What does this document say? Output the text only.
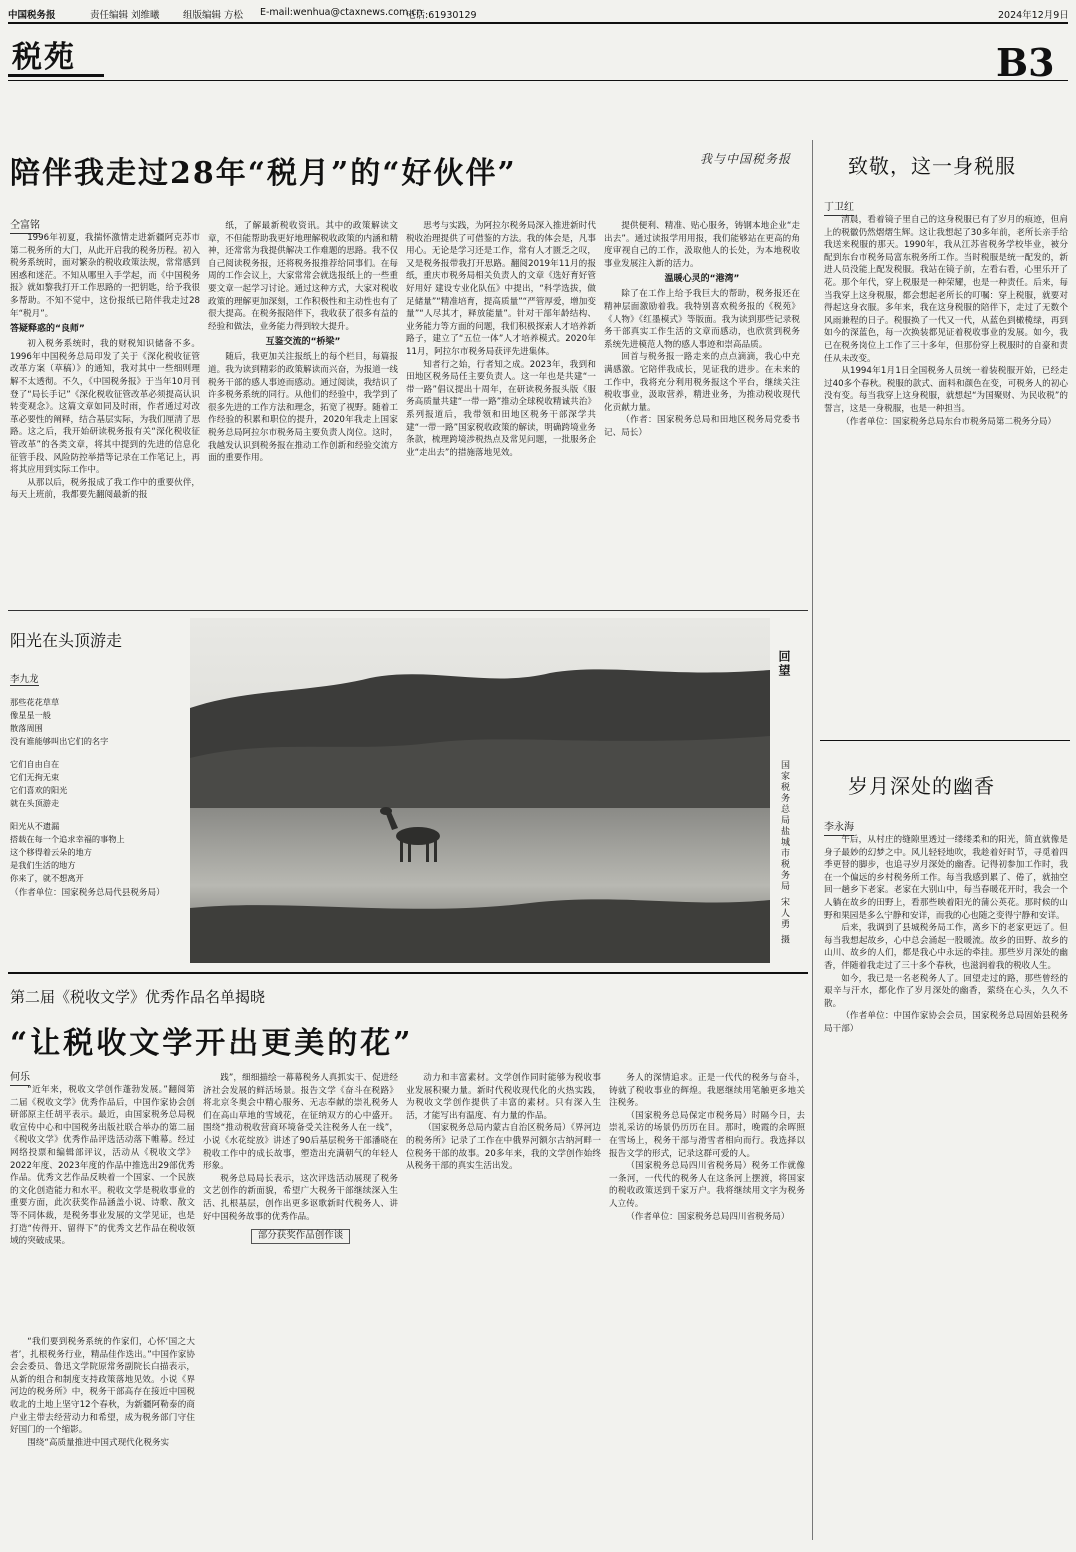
中国税务报	责任编辑 刘维曦 组版编辑 方松 E-mail:wenhua@ctaxnews.com.cn
电话:61930129	2024年12月9日
税苑	B3
陪伴我走过28年“税月”的“好伙伴”	我与中国税务报
仝富铭

1996年初夏，我揣怀激情走进新疆阿克苏市第二税务所的大门，从此开启我的税务历程。初入税务系统时，面对繁杂的税收政策法规，常常感到困惑和迷茫。不知从哪里入手学起，而《中国税务报》就如黎我打开工作思路的一把钥匙，给予我很多帮助。不知不觉中，这份报纸已陪伴我走过28年“税月”。

答疑释惑的“良师”

初入税务系统时，我的财税知识储备不多。1996年中国税务总局印发了关于《深化税收征管改革方案（草稿）》的通知，我对其中一些细则理解不太透彻。不久，《中国税务报》于当年10月刊登了“局长手记”《深化税收征管改革必须提高认识转变观念》。这篇文章如同及时雨，作者通过对改革必要性的阐释，结合基层实际，为我们厘清了思路。这之后，我开始研读税务报有关“深化税收征管改革”的各类文章，将其中提到的先进的信息化征管手段、风险防控举措等记录在工作笔记上，再将其应用到实际工作中。

从那以后，税务报成了我工作中的重要伙伴，每天上班前，我都要先翻阅最新的报

纸，了解最新税收资讯。其中的政策解读文章，不但能帮助我更好地理解税收政策的内涵和精神，还常常为我提供解决工作难题的思路。我不仅自己阅读税务报，还将税务报推荐给同事们。在每周的工作会议上，大家常常会就选报纸上的一些重要文章一起学习讨论。通过这种方式，大家对税收政策的理解更加深刻，工作积极性和主动性也有了很大提高。在税务报陪伴下，我收获了很多有益的经验和做法，业务能力得到较大提升。

互鉴交流的“桥梁”

随后，我更加关注报纸上的每个栏目，每篇报道。我为读到精彩的政策解读而兴奋，为报道一线税务干部的感人事迹而感动。通过阅读，我结识了许多税务系统的同行。从他们的经验中，我学到了很多先进的工作方法和理念，拓宽了视野。随着工作经验的积累和职位的提升，2020年我走上国家税务总局阿拉尔市税务局主要负责人岗位。这时，我越发认识到税务报在推动工作创新和经验交流方面的重要作用。

思考与实践，为阿拉尔税务局深入推进新时代税收治理提供了可借鉴的方法。我的体会是，凡事用心。无论是学习还是工作，常有人才匮乏之叹，又是税务报带我打开思路。翻阅2019年11月的报纸，重庆市税务局相关负责人的文章《选好育好管好用好 建设专业化队伍》中提出，“科学选拔，做足储量”“精准培育，提高质量”“严管厚爱，增加变量”“人尽其才，释放能量”。针对干部年龄结构、业务能力等方面的问题，我们积极探索人才培养新路子，建立了“五位一体”人才培养模式。2020年11月，阿拉尔市税务局获评先进集体。

知者行之始，行者知之成。2023年，我到和田地区税务局任主要负责人。这一年也是共建“一带一路”倡议提出十周年，在研读税务报头版《服务高质量共建“一带一路”推动全球税收精诚共治》系列报道后，我带领和田地区税务干部深学共建“一带一路”国家税收政策的解读，明确跨境业务条款，梳理跨境涉税热点及常见问题，一批服务企业“走出去”的措施落地见效。

提供便利、精准、贴心服务，铸钢本地企业“走出去”。通过读报学用用报，我们能够站在更高的角度审视自己的工作，汲取他人的长处，为本地税收事业发展注入新的活力。

温暖心灵的“港湾”

除了在工作上给予我巨大的帮助，税务报还在精神层面激励着我。我特别喜欢税务报的《税苑》《人物》《红墨模式》等版面。我为读到那些记录税务干部真实工作生活的文章而感动，也欣赏到税务系统先进模范人物的感人事迹和崇高品质。

回首与税务报一路走来的点点滴滴，我心中充满感激。它陪伴我成长，见证我的进步。在未来的工作中，我将充分利用税务报这个平台，继续关注税收事业，汲取营养，精进业务，为推动税收现代化贡献力量。

（作者：国家税务总局和田地区税务局党委书记、局长）

阳光在头顶游走
李九龙
那些花花草草
像星星一般
散落周围
没有谁能够叫出它们的名字
它们自由自在
它们无拘无束
它们喜欢的阳光
就在头顶游走
阳光从不遗漏
搭载在每一个追求幸福的事物上
这个移得着云朵的地方
是我们生活的地方
你来了，就不想离开
（作者单位：国家税务总局代县税务局）
回望
国家税务总局盐城市税务局 宋人勇 摄
第二届《税收文学》优秀作品名单揭晓
“让税收文学开出更美的花”
何乐

“近年来，税收文学创作蓬勃发展。”翻阅第二届《税收文学》优秀作品后，中国作家协会创研部原主任胡平表示。最近，由国家税务总局税收宣传中心和中国税务出版社联合举办的第二届《税收文学》优秀作品评选活动落下帷幕。经过网络投票和编辑部评议，活动从《税收文学》2022年度、2023年度的作品中推选出29部优秀作品。优秀文艺作品反映着一个国家、一个民族的文化创造能力和水平。税收文学是税收事业的重要方面，此次获奖作品涵盖小说、诗歌、散文等不同体裁，是税务事业发展的文学见证，也是打造“传得开、留得下”的优秀文艺作品在税收领域的突破成果。

“我们要到税务系统的作家们，心怀‘国之大者’，扎根税务行业，精品佳作迭出。”中国作家协会会委员、鲁迅文学院原常务副院长白描表示，从新的组合和制度支持政策落地见效。小说《界河边的税务所》中，税务干部高存在接近中国税收北的土地上坚守12个春秋，为新疆阿勒泰的商户业主带去经营动力和希望，成为税务部门守住好国门的一个缩影。

围绕“高质量推进中国式现代化税务实

践”，细细描绘一幕幕税务人真抓实干、促进经济社会发展的鲜活场景。报告文学《奋斗在税路》将北京冬奥会中精心服务、无志奉献的崇礼税务人们在高山草地的雪域花，在征纳双方的心中盛开。围绕“推动税收营商环境备受关注税务人在一线”，小说《水花绽放》讲述了90后基层税务干部潘晓在税收工作中的成长故事，塑造出充满朝气的年轻人形象。

税务总局局长表示，这次评选活动展现了税务文艺创作的新面貌，希望广大税务干部继续深入生活、扎根基层，创作出更多讴歌新时代税务人、讲好中国税务故事的优秀作品。

部分获奖作品创作谈

动力和丰富素材。文学创作同时能够为税收事业发展积聚力量。新时代税收现代化的火热实践，为税收文学创作提供了丰富的素材。只有深入生活，才能写出有温度、有力量的作品。

（国家税务总局内蒙古自治区税务局）《界河边的税务所》记录了工作在中俄界河额尔古纳河畔一位税务干部的故事。20多年来，我的文学创作始终从税务干部的真实生活出发。

务人的深情追求。正是一代代的税务与奋斗，铸就了税收事业的辉煌。我愿继续用笔触更多地关注税务。

（国家税务总局保定市税务局）时隔今日，去崇礼采访的场景仍历历在目。那时，晚霞的余晖照在雪场上，税务干部与滑雪者相向而行。我选择以报告文学的形式，记录这群可爱的人。

（国家税务总局四川省税务局）税务工作就像一条河，一代代的税务人在这条河上摆渡，将国家的税收政策送到千家万户。我将继续用文字为税务人立传。

（作者单位：国家税务总局四川省税务局）

致敬，这一身税服
丁卫红

清晨，看着镜子里自己的这身税服已有了岁月的痕迹，但肩上的税徽仍然熠熠生辉。这让我想起了30多年前，老所长亲手给我送来税服的那天。1990年，我从江苏省税务学校毕业，被分配到东台市税务局富东税务所工作。当时税服是统一配发的，新进人员没能上配发税服。我站在镜子前，左看右看，心里乐开了花。那个年代，穿上税服是一种荣耀，也是一种责任。后来，每当我穿上这身税服，都会想起老所长的叮嘱：穿上税服，就要对得起这身衣服。多年来，我在这身税服的陪伴下，走过了无数个风雨兼程的日子。税服换了一代又一代，从蓝色到橄榄绿，再到如今的深蓝色，每一次换装都见证着税收事业的发展。如今，我已在税务岗位上工作了三十多年，但那份穿上税服时的自豪和责任从未改变。

从1994年1月1日全国税务人员统一着装税服开始，已经走过40多个春秋。税服的款式、面料和颜色在变，可税务人的初心没有变。每当我穿上这身税服，就想起“为国聚财、为民收税”的誓言，这是一身税服，也是一种担当。

（作者单位：国家税务总局东台市税务局第二税务分局）

岁月深处的幽香
李永海

午后，从村庄的缝隙里透过一缕缕柔和的阳光，简直就像是身子最妙的幻梦之中。风儿轻轻地吹，我趁着好时节，寻觅着四季更替的脚步，也追寻岁月深处的幽香。记得初参加工作时，我在一个偏远的乡村税务所工作。每当我感到累了、倦了，就抽空回一趟乡下老家。老家在大别山中，每当春暖花开时，我会一个人躺在故乡的田野上，看那些映着阳光的蒲公英花。那时候的山野和果园是多么宁静和安详，而我的心也随之变得宁静和安详。

后来，我调到了县城税务局工作，离乡下的老家更远了。但每当我想起故乡，心中总会涌起一股暖流。故乡的田野、故乡的山川、故乡的人们，都是我心中永远的牵挂。那些岁月深处的幽香，伴随着我走过了三十多个春秋，也滋润着我的税收人生。

如今，我已是一名老税务人了。回望走过的路，那些曾经的艰辛与汗水，都化作了岁月深处的幽香，萦绕在心头，久久不散。

（作者单位：中国作家协会会员，国家税务总局固始县税务局干部）
